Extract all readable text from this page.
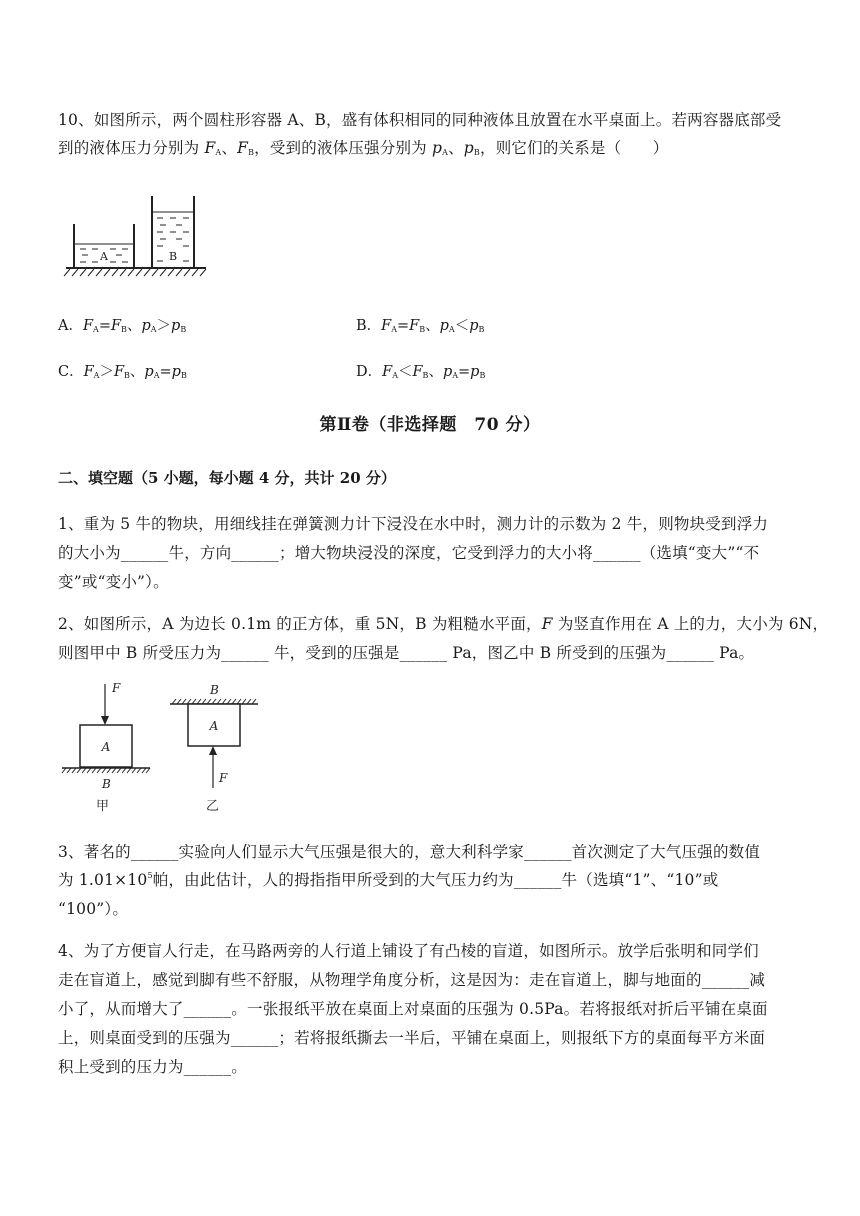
10、如图所示，两个圆柱形容器 A、B，盛有体积相同的同种液体且放置在水平桌面上。若两容器底部受
到的液体压力分别为 $F_A$、$F_B$，受到的液体压强分别为 $p_A$、$p_B$，则它们的关系是（　　）
A	B
A．$F_A=F_B$、$p_A>p_B$	B．$F_A=F_B$、$p_A<p_B$
C．$F_A>F_B$、$p_A=p_B$	D．$F_A<F_B$、$p_A=p_B$
第Ⅱ卷（非选择题　70 分）
二、填空题（5 小题，每小题 4 分，共计 20 分）
1、重为 5 牛的物块，用细线挂在弹簧测力计下浸没在水中时，测力计的示数为 2 牛，则物块受到浮力
的大小为______牛，方向______；增大物块浸没的深度，它受到浮力的大小将______（选填“变大”“不
变”或“变小”）。
2、如图所示，A 为边长 0.1m 的正方体，重 5N，B 为粗糙水平面，F 为竖直作用在 A 上的力，大小为 6N，
则图甲中 B 所受压力为______ 牛，受到的压强是______ Pa，图乙中 B 所受到的压强为______ Pa。
F
A
B
甲
B
A
F
乙
3、著名的______实验向人们显示大气压强是很大的，意大利科学家______首次测定了大气压强的数值
为 $1.01\times 10^5$帕，由此估计，人的拇指指甲所受到的大气压力约为______牛（选填“1”、“10”或
“100”）。
4、为了方便盲人行走，在马路两旁的人行道上铺设了有凸棱的盲道，如图所示。放学后张明和同学们
走在盲道上，感觉到脚有些不舒服，从物理学角度分析，这是因为：走在盲道上，脚与地面的______减
小了，从而增大了______。一张报纸平放在桌面上对桌面的压强为 0.5Pa。若将报纸对折后平铺在桌面
上，则桌面受到的压强为______；若将报纸撕去一半后，平铺在桌面上，则报纸下方的桌面每平方米面
积上受到的压力为______。
